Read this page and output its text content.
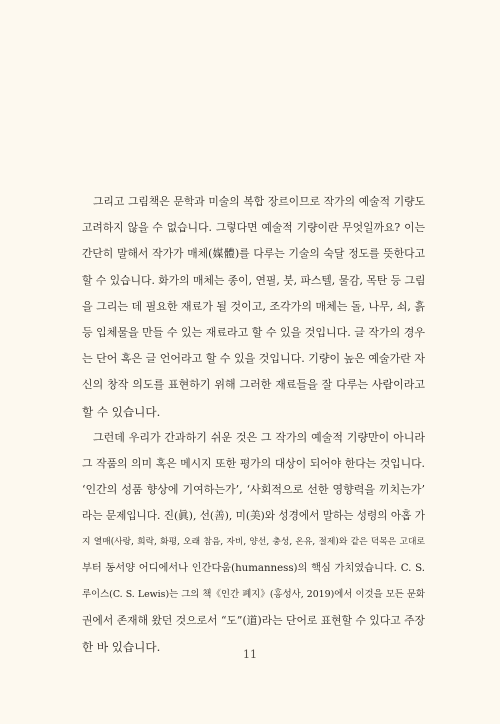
그리고 그림책은 문학과 미술의 복합 장르이므로 작가의 예술적 기량도
고려하지 않을 수 없습니다. 그렇다면 예술적 기량이란 무엇일까요? 이는
간단히 말해서 작가가 매체(媒體)를 다루는 기술의 숙달 정도를 뜻한다고
할 수 있습니다. 화가의 매체는 종이, 연필, 붓, 파스텔, 물감, 목탄 등 그림
을 그리는 데 필요한 재료가 될 것이고, 조각가의 매체는 돌, 나무, 쇠, 흙
등 입체물을 만들 수 있는 재료라고 할 수 있을 것입니다. 글 작가의 경우
는 단어 혹은 글 언어라고 할 수 있을 것입니다. 기량이 높은 예술가란 자
신의 창작 의도를 표현하기 위해 그러한 재료들을 잘 다루는 사람이라고
할 수 있습니다.
그런데 우리가 간과하기 쉬운 것은 그 작가의 예술적 기량만이 아니라
그 작품의 의미 혹은 메시지 또한 평가의 대상이 되어야 한다는 것입니다.
‘인간의 성품 향상에 기여하는가’, ‘사회적으로 선한 영향력을 끼치는가’
라는 문제입니다. 진(眞), 선(善), 미(美)와 성경에서 말하는 성령의 아홉 가
지 열매(사랑, 희락, 화평, 오래 참음, 자비, 양선, 충성, 온유, 절제)와 같은 덕목은 고대로
부터 동서양 어디에서나 인간다움(humanness)의 핵심 가치였습니다. C. S.
루이스(C. S. Lewis)는 그의 책《인간 폐지》(홍성사, 2019)에서 이것을 모든 문화
권에서 존재해 왔던 것으로서 “도”(道)라는 단어로 표현할 수 있다고 주장
한 바 있습니다.
11
